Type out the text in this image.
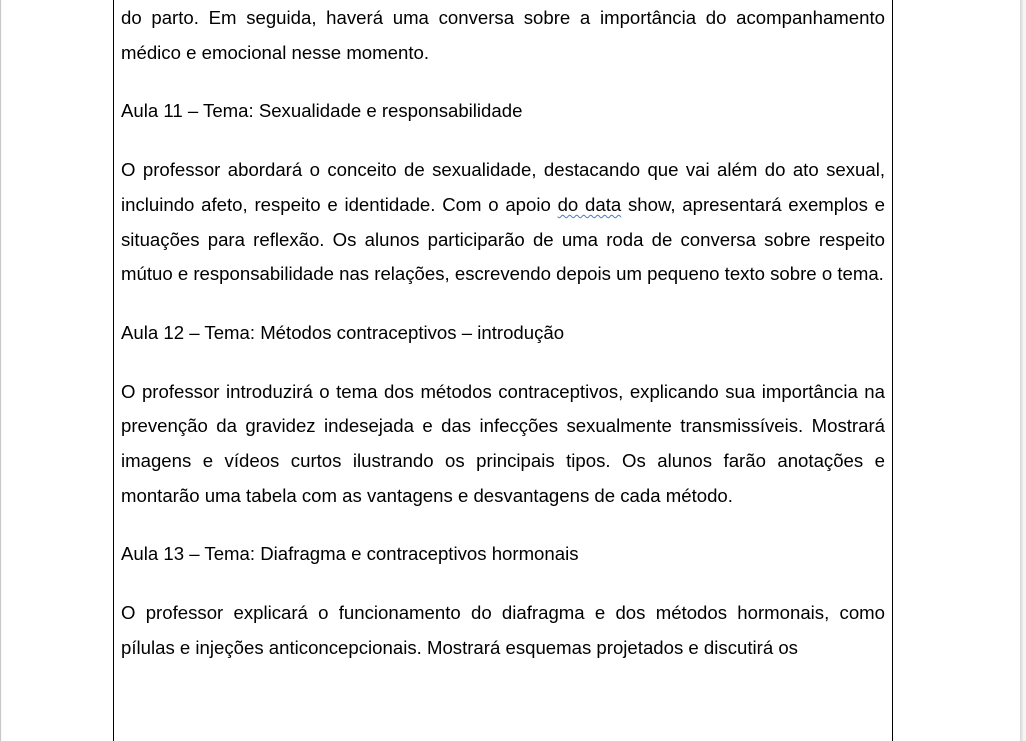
do parto. Em seguida, haverá uma conversa sobre a importância do acompanhamento médico e emocional nesse momento.

Aula 11 – Tema: Sexualidade e responsabilidade

O professor abordará o conceito de sexualidade, destacando que vai além do ato sexual, incluindo afeto, respeito e identidade. Com o apoio do data show, apresentará exemplos e situações para reflexão. Os alunos participarão de uma roda de conversa sobre respeito mútuo e responsabilidade nas relações, escrevendo depois um pequeno texto sobre o tema.

Aula 12 – Tema: Métodos contraceptivos – introdução

O professor introduzirá o tema dos métodos contraceptivos, explicando sua importância na prevenção da gravidez indesejada e das infecções sexualmente transmissíveis. Mostrará imagens e vídeos curtos ilustrando os principais tipos. Os alunos farão anotações e montarão uma tabela com as vantagens e desvantagens de cada método.

Aula 13 – Tema: Diafragma e contraceptivos hormonais

O professor explicará o funcionamento do diafragma e dos métodos hormonais, como pílulas e injeções anticoncepcionais. Mostrará esquemas projetados e discutirá os
